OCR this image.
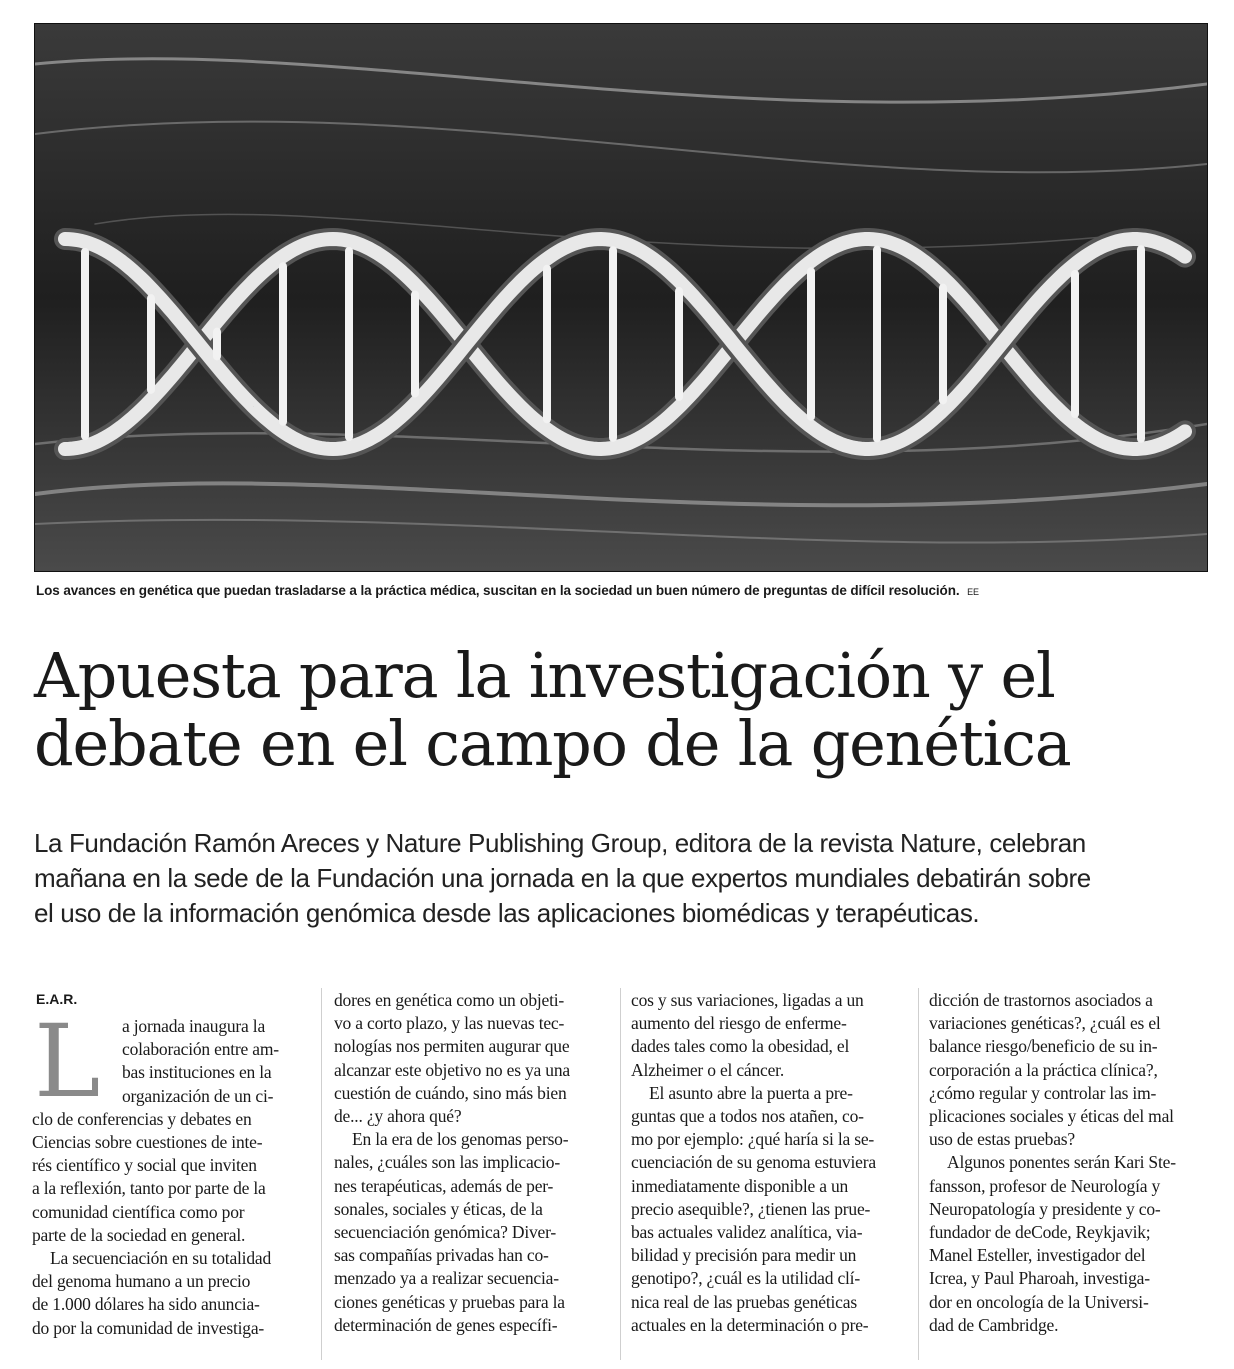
Los avances en genética que puedan trasladarse a la práctica médica, suscitan en la sociedad un buen número de preguntas de difícil resolución. EE
Apuesta para la investigación y el
debate en el campo de la genética

La Fundación Ramón Areces y Nature Publishing Group, editora de la revista Nature, celebran
mañana en la sede de la Fundación una jornada en la que expertos mundiales debatirán sobre
el uso de la información genómica desde las aplicaciones biomédicas y terapéuticas.

E.A.R.
L	a jornada inaugura la
colaboración entre am-
bas instituciones en la
organización de un ci-
clo de conferencias y debates en
Ciencias sobre cuestiones de inte-
rés científico y social que inviten
a la reflexión, tanto por parte de la
comunidad científica como por
parte de la sociedad en general.
La secuenciación en su totalidad
del genoma humano a un precio
de 1.000 dólares ha sido anunciа-
do por la comunidad de investiga-
dores en genética como un objeti-
vo a corto plazo, y las nuevas tec-
nologías nos permiten augurar que
alcanzar este objetivo no es ya una
cuestión de cuándo, sino más bien
de... ¿y ahora qué?
En la era de los genomas perso-
nales, ¿cuáles son las implicacio-
nes terapéuticas, además de per-
sonales, sociales y éticas, de la
secuenciación genómica? Diver-
sas compañías privadas han co-
menzado ya a realizar secuencia-
ciones genéticas y pruebas para la
determinación de genes específi-
cos y sus variaciones, ligadas a un
aumento del riesgo de enfermе-
dades tales como la obesidad, el
Alzheimer o el cáncer.
El asunto abre la puerta a pre-
guntas que a todos nos atañen, co-
mo por ejemplo: ¿qué haría si la se-
cuenciación de su genoma estuviera
inmediatamente disponible a un
precio asequible?, ¿tienen las prue-
bas actuales validez analítica, via-
bilidad y precisión para medir un
genotipo?, ¿cuál es la utilidad clí-
nica real de las pruebas genéticas
actuales en la determinación o pre-
dicción de trastornos asociados a
variaciones genéticas?, ¿cuál es el
balance riesgo/beneficio de su in-
corporación a la práctica clínica?,
¿cómo regular y controlar las im-
plicaciones sociales y éticas del mal
uso de estas pruebas?
Algunos ponentes serán Kari Ste-
fansson, profesor de Neurología y
Neuropatología y presidente y co-
fundador de deCode, Reykjavik;
Manel Esteller, investigador del
Icrea, y Paul Pharoah, investiga-
dor en oncología de la Universi-
dad de Cambridge.
